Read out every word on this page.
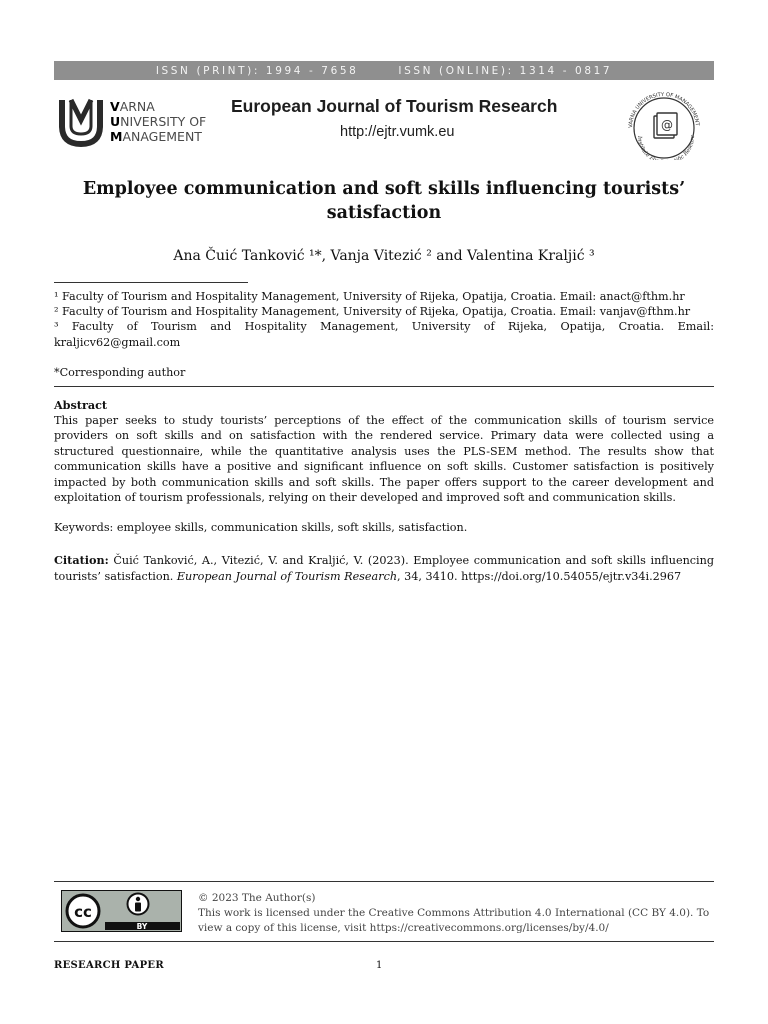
ISSN (PRINT): 1994 - 7658	ISSN (ONLINE): 1314 - 0817
VARNA
UNIVERSITY OF
MANAGEMENT
European Journal of Tourism Research
http://ejtr.vumk.eu	VARNA UNIVERSITY OF MANAGEMENT
Institute F Scientific Researc
@
Employee communication and soft skills influencing tourists’
satisfaction
Ana Čuić Tanković ¹*, Vanja Vitezić ² and Valentina Kraljić ³
¹ Faculty of Tourism and Hospitality Management, University of Rijeka, Opatija, Croatia. Email: anact@fthm.hr
² Faculty of Tourism and Hospitality Management, University of Rijeka, Opatija, Croatia. Email: vanjav@fthm.hr
³ Faculty of Tourism and Hospitality Management, University of Rijeka, Opatija, Croatia. Email: kraljicv62@gmail.com
*Corresponding author
Abstract
This paper seeks to study tourists’ perceptions of the effect of the communication skills of tourism service providers on soft skills and on satisfaction with the rendered service. Primary data were collected using a structured questionnaire, while the quantitative analysis uses the PLS-SEM method. The results show that communication skills have a positive and significant influence on soft skills. Customer satisfaction is positively impacted by both communication skills and soft skills. The paper offers support to the career development and exploitation of tourism professionals, relying on their developed and improved soft and communication skills.
Keywords: employee skills, communication skills, soft skills, satisfaction.
Citation: Čuić Tanković, A., Vitezić, V. and Kraljić, V. (2023). Employee communication and soft skills influencing tourists’ satisfaction. European Journal of Tourism Research, 34, 3410. https://doi.org/10.54055/ejtr.v34i.2967
cc
BY
© 2023 The Author(s)
This work is licensed under the Creative Commons Attribution 4.0 International (CC BY 4.0). To view a copy of this license, visit https://creativecommons.org/licenses/by/4.0/
RESEARCH PAPER	1
